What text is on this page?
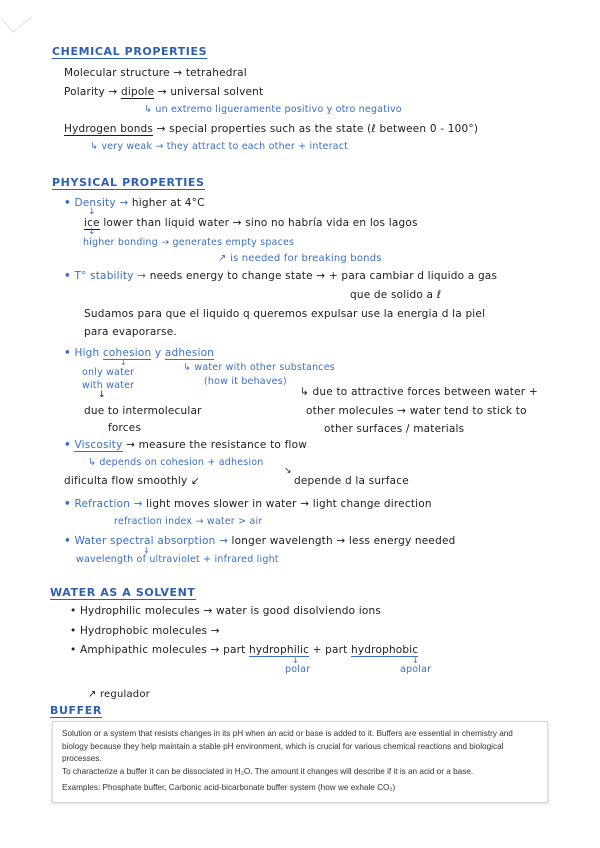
CHEMICAL PROPERTIES
Molecular structure → tetrahedral
Polarity → dipole → universal solvent
↳ un extremo ligueramente positivo y otro negativo
Hydrogen bonds → special properties such as the state (ℓ between 0 - 100°)
↳ very weak → they attract to each other + interact
PHYSICAL PROPERTIES
• Density → higher at 4°C
↓
ice lower than liquid water → sino no habría vida en los lagos
↓
higher bonding → generates empty spaces
↗ is needed for breaking bonds
• T° stability → needs energy to change state → + para cambiar d liquido a gas
que de solido a ℓ
Sudamos para que el liquido q queremos expulsar use la energia d la piel
para evaporarse.
• High cohesion y adhesion
↓
only water
with water
↓
↳ water with other substances
(how it behaves)
↳ due to attractive forces between water +
other molecules → water tend to stick to
other surfaces / materials
due to intermolecular
forces
• Viscosity → measure the resistance to flow
↳ depends on cohesion + adhesion
dificulta flow smoothly ↙
↘
depende d la surface
• Refraction → light moves slower in water → light change direction
refraction index → water > air
• Water spectral absorption → longer wavelength → less energy needed
↓
wavelength of ultraviolet + infrared light
WATER AS A SOLVENT
• Hydrophilic molecules → water is good disolviendo ions
• Hydrophobic molecules →
• Amphipathic molecules → part hydrophilic + part hydrophobic
↓
polar
↓
apolar
↗ regulador
BUFFER
Solution or a system that resists changes in its pH when an acid or base is added to it. Buffers are essential in chemistry and biology because they help maintain a stable pH environment, which is crucial for various chemical reactions and biological processes.
To characterize a buffer it can be dissociated in H₂O. The amount it changes will describe if it is an acid or a base.
Examples: Phosphate buffer, Carbonic acid-bicarbonate buffer system (how we exhale CO₂)
